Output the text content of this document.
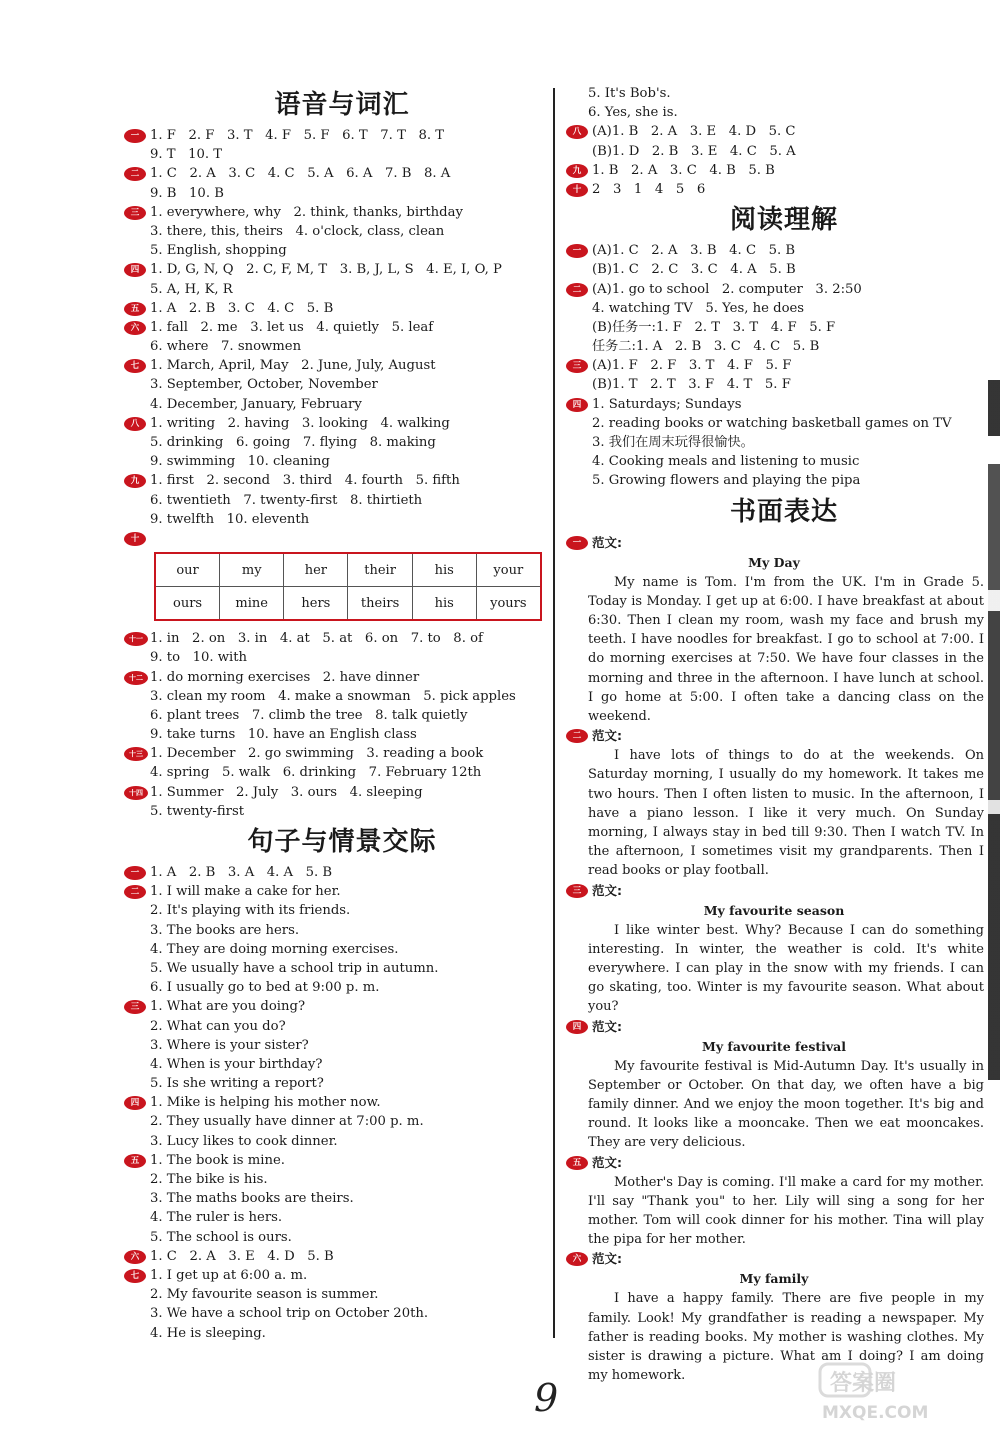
语音与词汇
一 1. F   2. F   3. T   4. F   5. F   6. T   7. T   8. T
9. T   10. T
二 1. C   2. A   3. C   4. C   5. A   6. A   7. B   8. A
9. B   10. B
三 1. everywhere, why   2. think, thanks, birthday
3. there, this, theirs   4. o'clock, class, clean
5. English, shopping
四 1. D, G, N, Q   2. C, F, M, T   3. B, J, L, S   4. E, I, O, P
5. A, H, K, R
五 1. A   2. B   3. C   4. C   5. B
六 1. fall   2. me   3. let us   4. quietly   5. leaf
6. where   7. snowmen
七 1. March, April, May   2. June, July, August
3. September, October, November
4. December, January, February
八 1. writing   2. having   3. looking   4. walking
5. drinking   6. going   7. flying   8. making
9. swimming   10. cleaning
九 1. first   2. second   3. third   4. fourth   5. fifth
6. twentieth   7. twenty-first   8. thirtieth
9. twelfth   10. eleventh
十
our	my	her	their	his	your
ours	mine	hers	theirs	his	yours
十一 1. in   2. on   3. in   4. at   5. at   6. on   7. to   8. of
9. to   10. with
十二 1. do morning exercises   2. have dinner
3. clean my room   4. make a snowman   5. pick apples
6. plant trees   7. climb the tree   8. talk quietly
9. take turns   10. have an English class
十三 1. December   2. go swimming   3. reading a book
4. spring   5. walk   6. drinking   7. February 12th
十四 1. Summer   2. July   3. ours   4. sleeping
5. twenty-first
句子与情景交际
一 1. A   2. B   3. A   4. A   5. B
二 1. I will make a cake for her.
2. It's playing with its friends.
3. The books are hers.
4. They are doing morning exercises.
5. We usually have a school trip in autumn.
6. I usually go to bed at 9:00 p. m.
三 1. What are you doing?
2. What can you do?
3. Where is your sister?
4. When is your birthday?
5. Is she writing a report?
四 1. Mike is helping his mother now.
2. They usually have dinner at 7:00 p. m.
3. Lucy likes to cook dinner.
五 1. The book is mine.
2. The bike is his.
3. The maths books are theirs.
4. The ruler is hers.
5. The school is ours.
六 1. C   2. A   3. E   4. D   5. B
七 1. I get up at 6:00 a. m.
2. My favourite season is summer.
3. We have a school trip on October 20th.
4. He is sleeping.
5. It's Bob's.
6. Yes, she is.
八 (A)1. B   2. A   3. E   4. D   5. C
(B)1. D   2. B   3. E   4. C   5. A
九 1. B   2. A   3. C   4. B   5. B
十 2   3   1   4   5   6
阅读理解
一 (A)1. C   2. A   3. B   4. C   5. B
(B)1. C   2. C   3. C   4. A   5. B
二 (A)1. go to school   2. computer   3. 2:50
4. watching TV   5. Yes, he does
(B)任务一:1. F   2. T   3. T   4. F   5. F
任务二:1. A   2. B   3. C   4. C   5. B
三 (A)1. F   2. F   3. T   4. F   5. F
(B)1. T   2. T   3. F   4. T   5. F
四 1. Saturdays; Sundays
2. reading books or watching basketball games on TV
3. 我们在周末玩得很愉快。
4. Cooking meals and listening to music
5. Growing flowers and playing the pipa
书面表达
一 范文:
My Day

My name is Tom. I'm from the UK. I'm in Grade 5. Today is Monday. I get up at 6:00. I have breakfast at about 6:30. Then I clean my room, wash my face and brush my teeth. I have noodles for breakfast. I go to school at 7:00. I do morning exercises at 7:50. We have four classes in the morning and three in the afternoon. I have lunch at school. I go home at 5:00. I often take a dancing class on the weekend.

二 范文:

I have lots of things to do at the weekends. On Saturday morning, I usually do my homework. It takes me two hours. Then I often listen to music. In the afternoon, I have a piano lesson. I like it very much. On Sunday morning, I always stay in bed till 9:30. Then I watch TV. In the afternoon, I sometimes visit my grandparents. Then I read books or play football.

三 范文:
My favourite season

I like winter best. Why? Because I can do something interesting. In winter, the weather is cold. It's white everywhere. I can play in the snow with my friends. I can go skating, too. Winter is my favourite season. What about you?

四 范文:
My favourite festival

My favourite festival is Mid-Autumn Day. It's usually in September or October. On that day, we often have a big family dinner. And we enjoy the moon together. It's big and round. It looks like a mooncake. Then we eat mooncakes. They are very delicious.

五 范文:

Mother's Day is coming. I'll make a card for my mother. I'll say "Thank you" to her. Lily will sing a song for her mother. Tom will cook dinner for his mother. Tina will play the pipa for her mother.

六 范文:
My family

I have a happy family. There are five people in my family. Look! My grandfather is reading a newspaper. My father is reading books. My mother is washing clothes. My sister is drawing a picture. What am I doing? I am doing my homework.

9	答案圈
MXQE.COM
